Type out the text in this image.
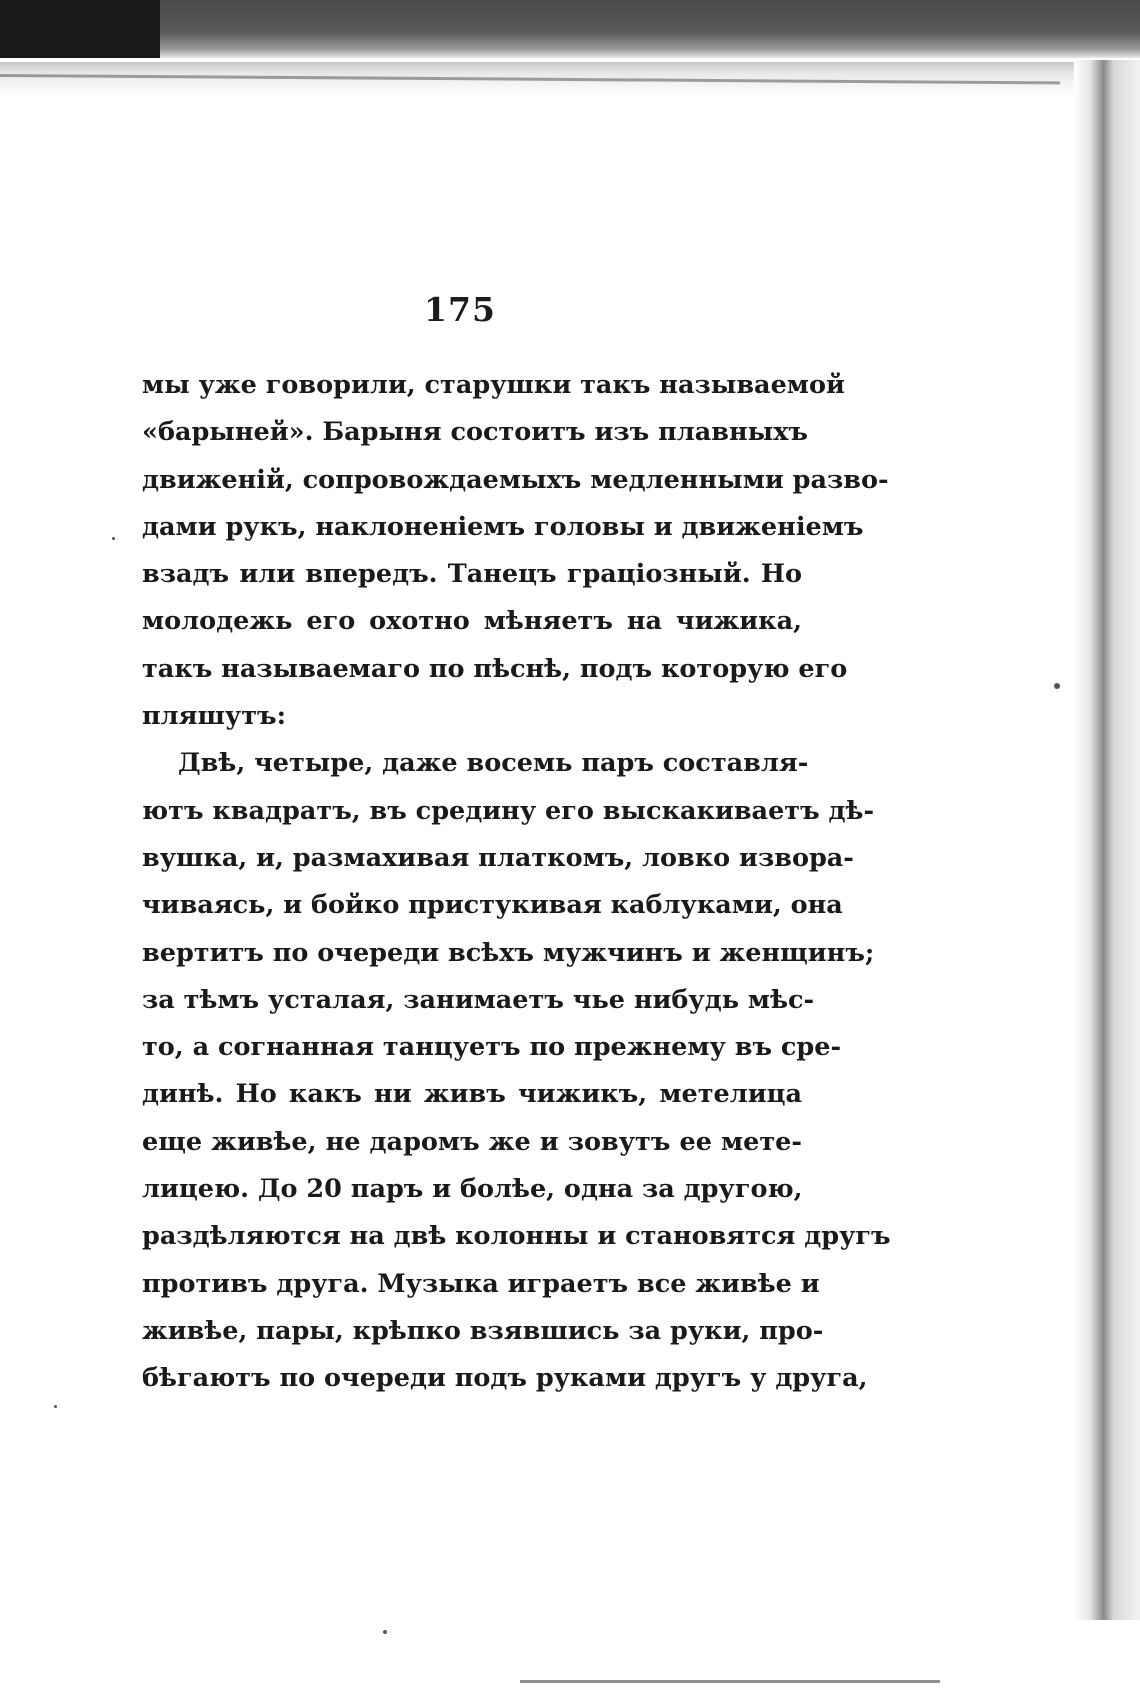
175
мы уже говорили, старушки такъ называемой
«барыней». Барыня состоитъ изъ плавныхъ
движеній, сопровождаемыхъ медленными разво-
дами рукъ, наклоненіемъ головы и движеніемъ
взадъ или впередъ. Танецъ граціозный. Но
молодежь его охотно мѣняетъ на чижика,
такъ называемаго по пѣснѣ, подъ которую его
пляшутъ:
Двѣ, четыре, даже восемь паръ составля-
ютъ квадратъ, въ средину его выскакиваетъ дѣ-
вушка, и, размахивая платкомъ, ловко извора-
чиваясь, и бойко пристукивая каблуками, она
вертитъ по очереди всѣхъ мужчинъ и женщинъ;
за тѣмъ усталая, занимаетъ чье нибудь мѣс-
то, а согнанная танцуетъ по прежнему въ сре-
динѣ. Но какъ ни живъ чижикъ, метелица
еще живѣе, не даромъ же и зовутъ ее мете-
лицею. До 20 паръ и болѣе, одна за другою,
раздѣляются на двѣ колонны и становятся другъ
противъ друга. Музыка играетъ все живѣе и
живѣе, пары, крѣпко взявшись за руки, про-
бѣгаютъ по очереди подъ руками другъ у друга,
